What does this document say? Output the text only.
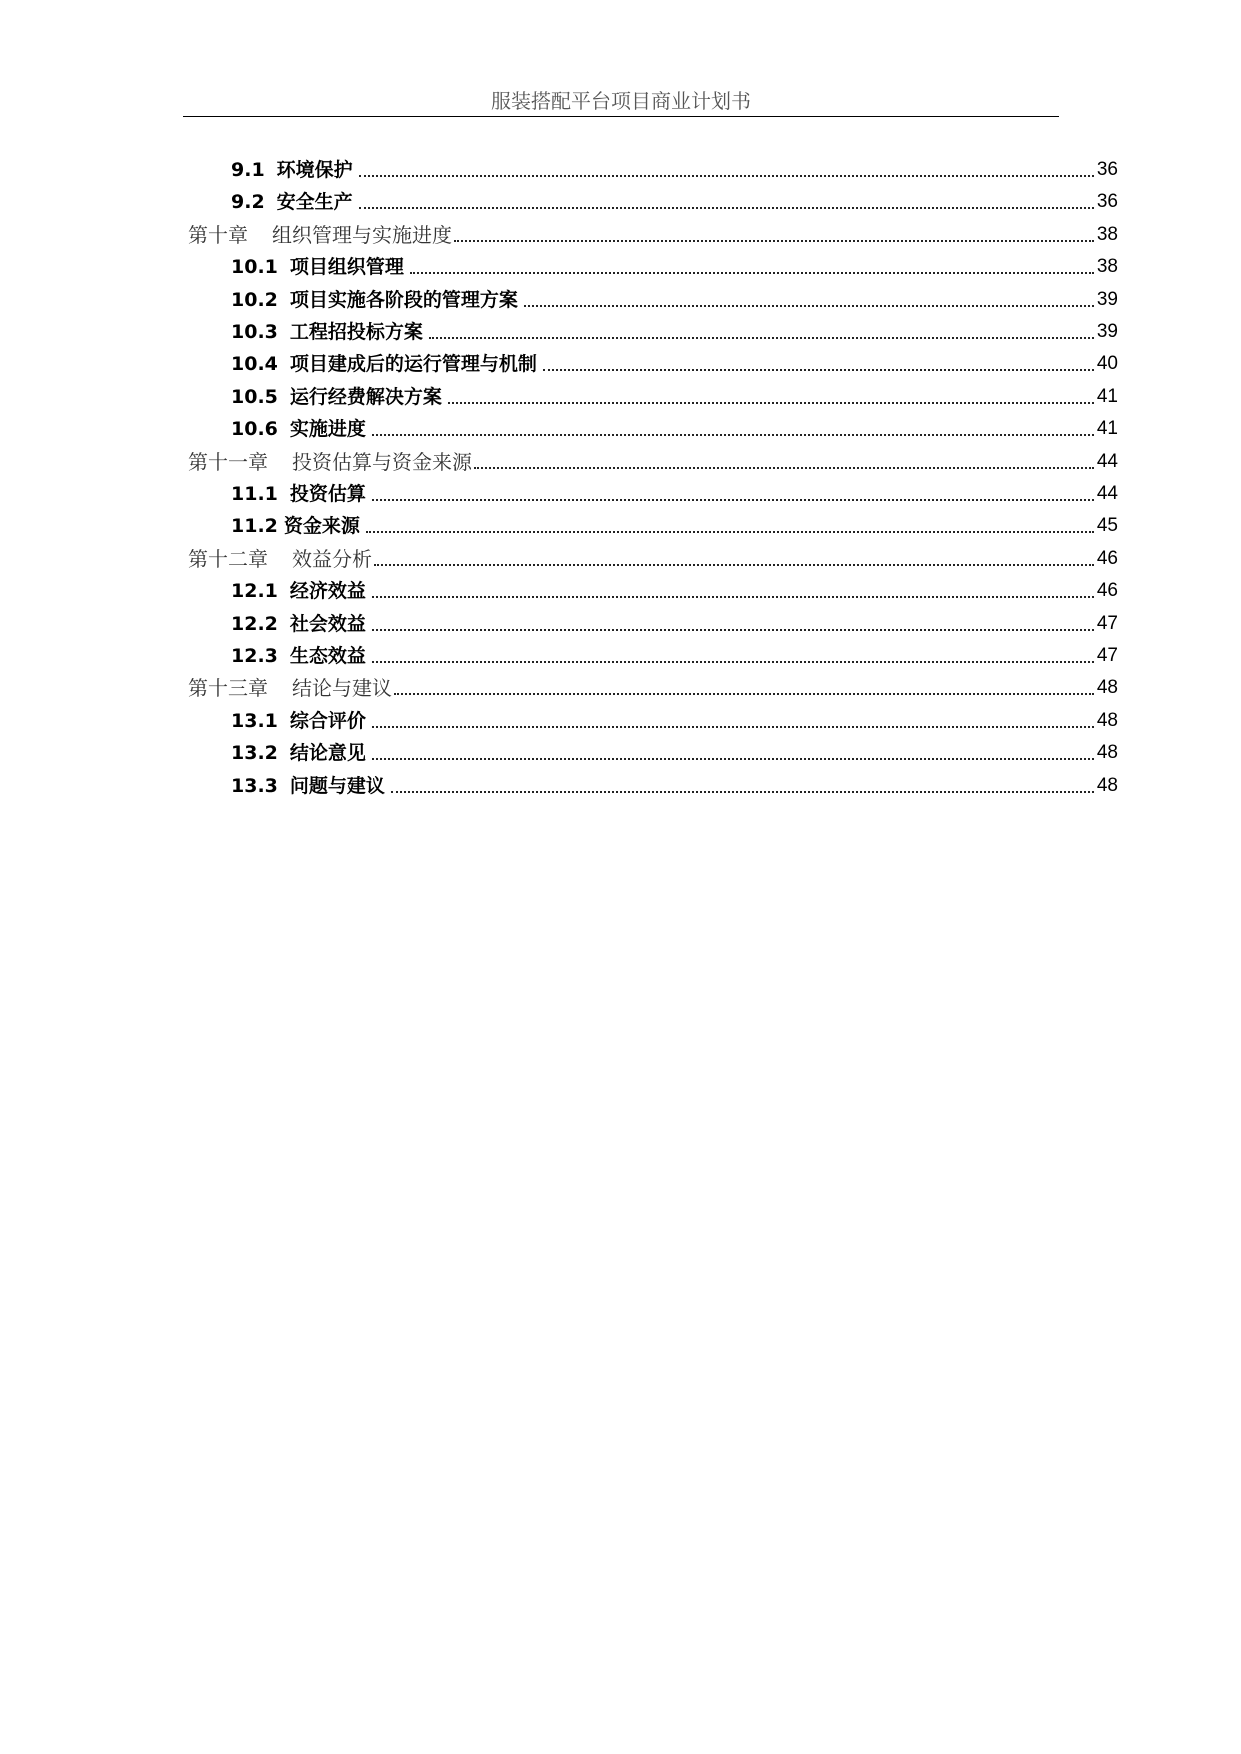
服装搭配平台项目商业计划书
9.1 环境保护	36
9.2 安全生产	36
第十章 组织管理与实施进度	38
10.1 项目组织管理	38
10.2 项目实施各阶段的管理方案	39
10.3 工程招投标方案	39
10.4 项目建成后的运行管理与机制	40
10.5 运行经费解决方案	41
10.6 实施进度	41
第十一章 投资估算与资金来源	44
11.1 投资估算	44
11.2 资金来源	45
第十二章 效益分析	46
12.1 经济效益	46
12.2 社会效益	47
12.3 生态效益	47
第十三章 结论与建议	48
13.1 综合评价	48
13.2 结论意见	48
13.3 问题与建议	48
